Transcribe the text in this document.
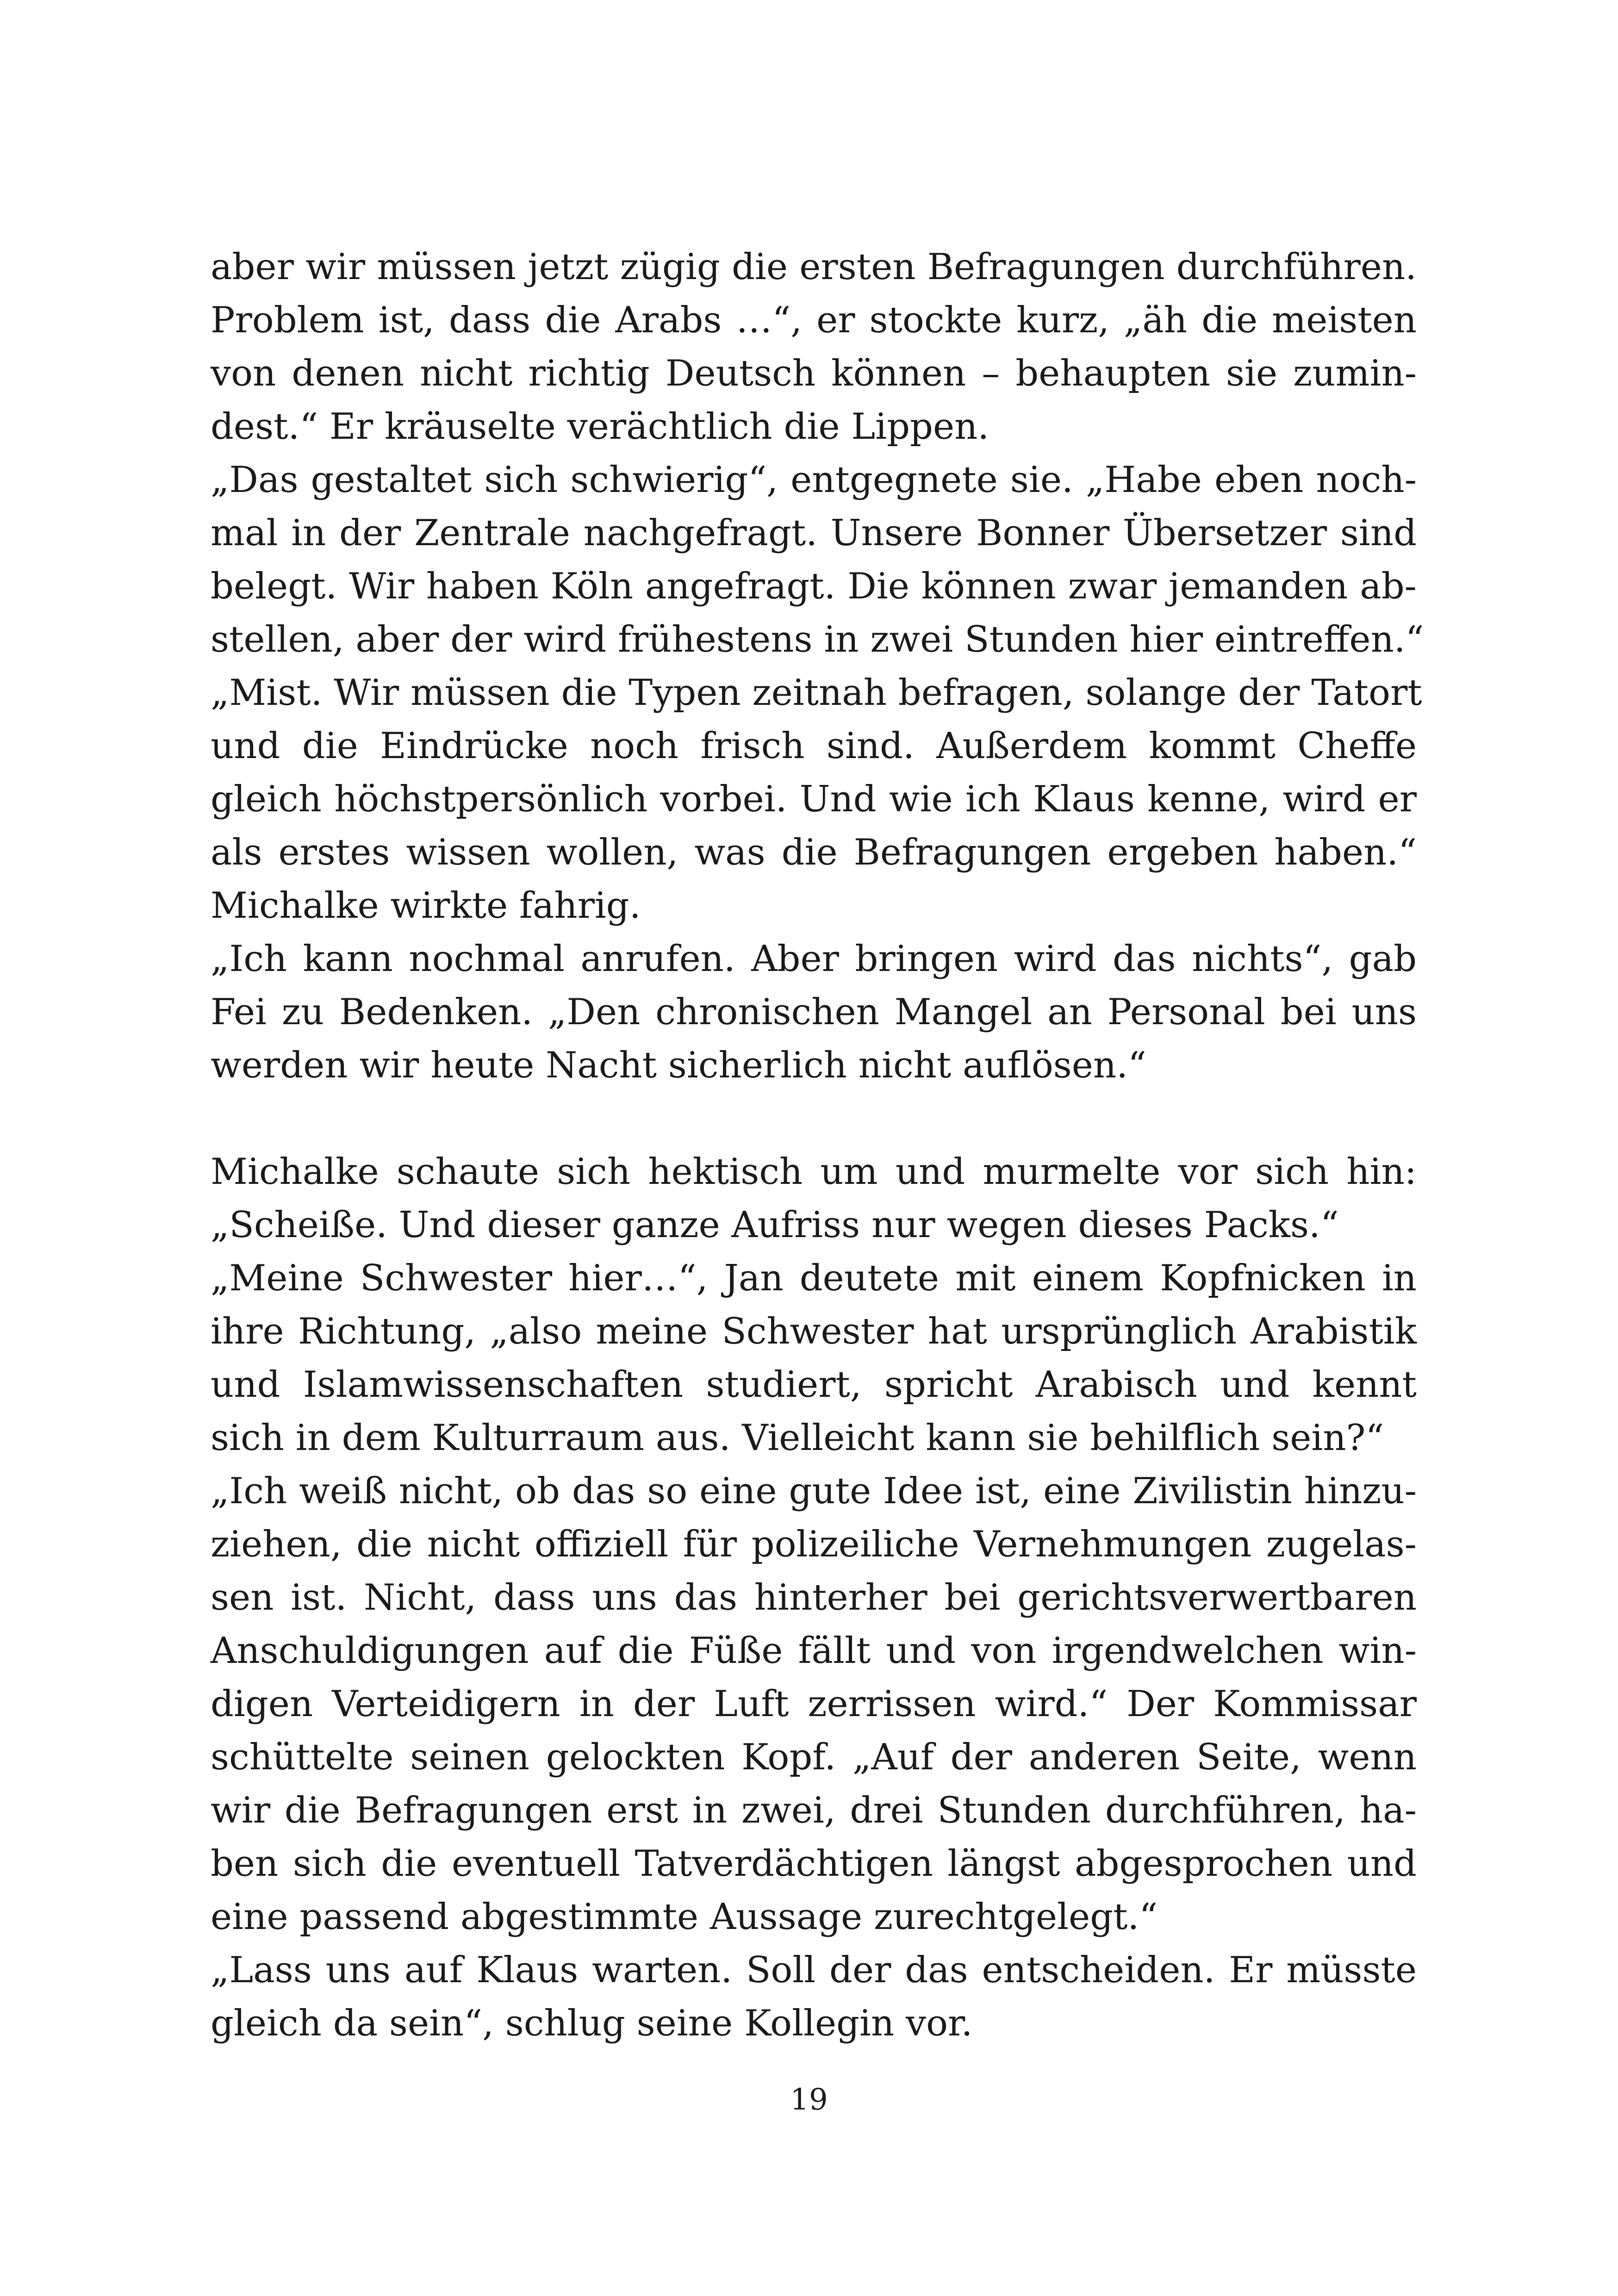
aber wir müssen jetzt zügig die ersten Befragungen durchführen.
Problem ist, dass die Arabs …“, er stockte kurz, „äh die meisten
von denen nicht richtig Deutsch können – behaupten sie zumin-
dest.“ Er kräuselte verächtlich die Lippen.
„Das gestaltet sich schwierig“, entgegnete sie. „Habe eben noch-
mal in der Zentrale nachgefragt. Unsere Bonner Übersetzer sind
belegt. Wir haben Köln angefragt. Die können zwar jemanden ab-
stellen, aber der wird frühestens in zwei Stunden hier eintreffen.“
„Mist. Wir müssen die Typen zeitnah befragen, solange der Tatort
und die Eindrücke noch frisch sind. Außerdem kommt Cheffe
gleich höchstpersönlich vorbei. Und wie ich Klaus kenne, wird er
als erstes wissen wollen, was die Befragungen ergeben haben.“
Michalke wirkte fahrig.
„Ich kann nochmal anrufen. Aber bringen wird das nichts“, gab
Fei zu Bedenken. „Den chronischen Mangel an Personal bei uns
werden wir heute Nacht sicherlich nicht auflösen.“
Michalke schaute sich hektisch um und murmelte vor sich hin:
„Scheiße. Und dieser ganze Aufriss nur wegen dieses Packs.“
„Meine Schwester hier…“, Jan deutete mit einem Kopfnicken in
ihre Richtung, „also meine Schwester hat ursprünglich Arabistik
und Islamwissenschaften studiert, spricht Arabisch und kennt
sich in dem Kulturraum aus. Vielleicht kann sie behilflich sein?“
„Ich weiß nicht, ob das so eine gute Idee ist, eine Zivilistin hinzu-
ziehen, die nicht offiziell für polizeiliche Vernehmungen zugelas-
sen ist. Nicht, dass uns das hinterher bei gerichtsverwertbaren
Anschuldigungen auf die Füße fällt und von irgendwelchen win-
digen Verteidigern in der Luft zerrissen wird.“ Der Kommissar
schüttelte seinen gelockten Kopf. „Auf der anderen Seite, wenn
wir die Befragungen erst in zwei, drei Stunden durchführen, ha-
ben sich die eventuell Tatverdächtigen längst abgesprochen und
eine passend abgestimmte Aussage zurechtgelegt.“
„Lass uns auf Klaus warten. Soll der das entscheiden. Er müsste
gleich da sein“, schlug seine Kollegin vor.
19
